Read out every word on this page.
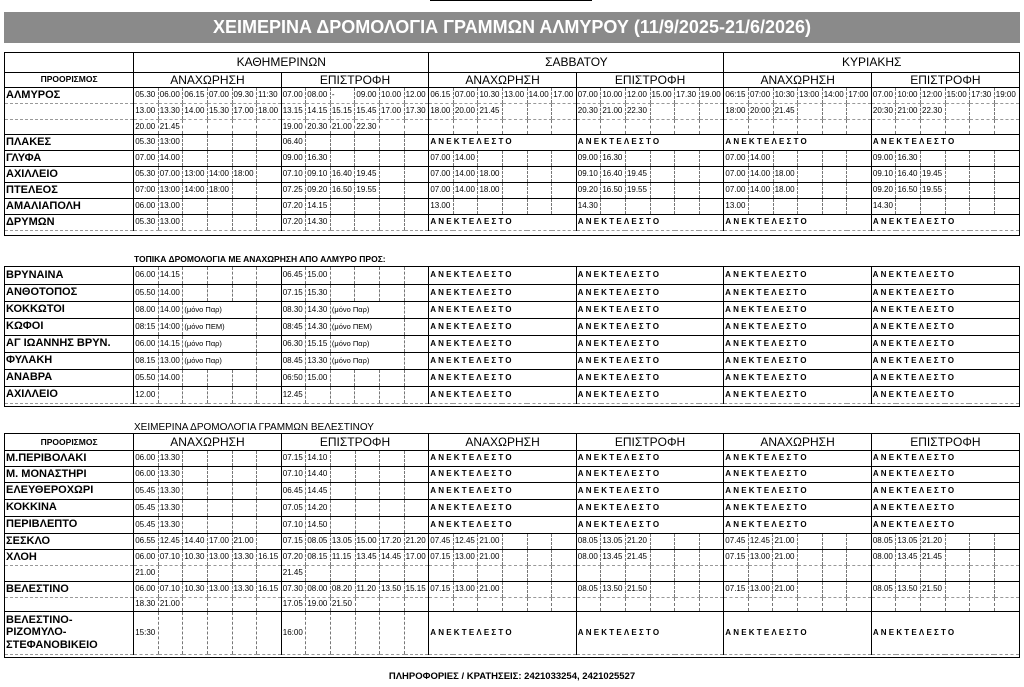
ΧΕΙΜΕΡΙΝΑ ΔΡΟΜΟΛΟΓΙΑ ΓΡΑΜΜΩΝ ΑΛΜΥΡΟΥ (11/9/2025-21/6/2026)
	ΚΑΘΗΜΕΡΙΝΩΝ												ΣΑΒΒΑΤΟΥ												ΚΥΡΙΑΚΗΣ											
ΠΡΟΟΡΙΣΜΟΣ	ΑΝΑΧΩΡΗΣΗ						ΕΠΙΣΤΡΟΦΗ						ΑΝΑΧΩΡΗΣΗ						ΕΠΙΣΤΡΟΦΗ						ΑΝΑΧΩΡΗΣΗ						ΕΠΙΣΤΡΟΦΗ					
ΑΛΜΥΡΟΣ	05.30	06.00	06.15	07.00	09.30	11:30	07.00	08.00	-	09.00	10.00	12.00	06.15	07.00	10.30	13.00	14.00	17.00	07.00	10.00	12.00	15.00	17.30	19.00	06:15	07:00	10:30	13:00	14:00	17:00	07.00	10:00	12:00	15:00	17:30	19:00
	13.00	13.30	14.00	15.30	17.00	18.00	13.15	14.15	15.15	15.45	17.00	17.30	18.00	20.00	21.45				20.30	21.00	22.30				18:00	20:00	21.45				20:30	21:00	22.30			
	20.00	21.45					19.00	20.30	21.00	22.30																										
ΠΛΑΚΕΣ	05.30	13:00					06.40						ΑΝΕΚΤΕΛΕΣΤΟ						ΑΝΕΚΤΕΛΕΣΤΟ						ΑΝΕΚΤΕΛΕΣΤΟ						ΑΝΕΚΤΕΛΕΣΤΟ					
ΓΛΥΦΑ	07.00	14.00					09.00	16.30					07.00	14.00					09.00	16.30					07.00	14.00					09.00	16.30				
ΑΧΙΛΛΕΙΟ	05.30	07.00	13:00	14:00	18:00		07.10	09.10	16.40	19.45			07.00	14.00	18.00				09.10	16.40	19.45				07.00	14.00	18.00				09.10	16.40	19.45			
ΠΤΕΛΕΟΣ	07:00	13:00	14:00	18:00			07.25	09.20	16.50	19.55			07.00	14.00	18.00				09.20	16.50	19.55				07.00	14.00	18.00				09.20	16.50	19.55			
ΑΜΑΛΙΑΠΟΛΗ	06.00	13.00					07.20	14.15					13.00						14.30						13.00						14.30					
ΔΡΥΜΩΝ	05.30	13.00					07.20	14.30					ΑΝΕΚΤΕΛΕΣΤΟ						ΑΝΕΚΤΕΛΕΣΤΟ						ΑΝΕΚΤΕΛΕΣΤΟ						ΑΝΕΚΤΕΛΕΣΤΟ					
ΤΟΠΙΚΑ ΔΡΟΜΟΛΟΓΙΑ ΜΕ ΑΝΑΧΩΡΗΣΗ ΑΠΟ ΑΛΜΥΡΟ ΠΡΟΣ:
ΒΡΥΝΑΙΝΑ	06.00	14.15					06.45	15.00					ΑΝΕΚΤΕΛΕΣΤΟ	ΑΝΕΚΤΕΛΕΣΤΟ	ΑΝΕΚΤΕΛΕΣΤΟ	ΑΝΕΚΤΕΛΕΣΤΟ
ΑΝΘΟΤΟΠΟΣ	05.50	14.00					07.15	15.30					ΑΝΕΚΤΕΛΕΣΤΟ	ΑΝΕΚΤΕΛΕΣΤΟ	ΑΝΕΚΤΕΛΕΣΤΟ	ΑΝΕΚΤΕΛΕΣΤΟ
ΚΟΚΚΩΤΟΙ	08.00	14.00	(μόνο Παρ)				08.30	14.30	(μόνο Παρ)				ΑΝΕΚΤΕΛΕΣΤΟ	ΑΝΕΚΤΕΛΕΣΤΟ	ΑΝΕΚΤΕΛΕΣΤΟ	ΑΝΕΚΤΕΛΕΣΤΟ
ΚΩΦΟΙ	08:15	14:00	(μόνο ΠΕΜ)				08:45	14.30	(μόνο ΠΕΜ)				ΑΝΕΚΤΕΛΕΣΤΟ	ΑΝΕΚΤΕΛΕΣΤΟ	ΑΝΕΚΤΕΛΕΣΤΟ	ΑΝΕΚΤΕΛΕΣΤΟ
ΑΓ ΙΩΑΝΝΗΣ ΒΡΥΝ.	06.00	14.15	(μόνο Παρ)				06.30	15.15	(μόνο Παρ)				ΑΝΕΚΤΕΛΕΣΤΟ	ΑΝΕΚΤΕΛΕΣΤΟ	ΑΝΕΚΤΕΛΕΣΤΟ	ΑΝΕΚΤΕΛΕΣΤΟ
ΦΥΛΑΚΗ	08.15	13.00	(μόνο Παρ)				08.45	13.30	(μόνο Παρ)				ΑΝΕΚΤΕΛΕΣΤΟ	ΑΝΕΚΤΕΛΕΣΤΟ	ΑΝΕΚΤΕΛΕΣΤΟ	ΑΝΕΚΤΕΛΕΣΤΟ
ΑΝΑΒΡΑ	05.50	14.00					06:50	15.00					ΑΝΕΚΤΕΛΕΣΤΟ	ΑΝΕΚΤΕΛΕΣΤΟ	ΑΝΕΚΤΕΛΕΣΤΟ	ΑΝΕΚΤΕΛΕΣΤΟ
ΑΧΙΛΛΕΙΟ	12.00						12.45						ΑΝΕΚΤΕΛΕΣΤΟ	ΑΝΕΚΤΕΛΕΣΤΟ	ΑΝΕΚΤΕΛΕΣΤΟ	ΑΝΕΚΤΕΛΕΣΤΟ
ΧΕΙΜΕΡΙΝΑ ΔΡΟΜΟΛΟΓΙΑ ΓΡΑΜΜΩΝ ΒΕΛΕΣΤΙΝΟΥ
ΠΡΟΟΡΙΣΜΟΣ	ΑΝΑΧΩΡΗΣΗ						ΕΠΙΣΤΡΟΦΗ						ΑΝΑΧΩΡΗΣΗ						ΕΠΙΣΤΡΟΦΗ						ΑΝΑΧΩΡΗΣΗ						ΕΠΙΣΤΡΟΦΗ					
Μ.ΠΕΡΙΒΟΛΑΚΙ	06.00	13.30					07.15	14.10					ΑΝΕΚΤΕΛΕΣΤΟ						ΑΝΕΚΤΕΛΕΣΤΟ						ΑΝΕΚΤΕΛΕΣΤΟ						ΑΝΕΚΤΕΛΕΣΤΟ					
Μ. ΜΟΝΑΣΤΗΡΙ	06.00	13.30					07.10	14.40					ΑΝΕΚΤΕΛΕΣΤΟ						ΑΝΕΚΤΕΛΕΣΤΟ						ΑΝΕΚΤΕΛΕΣΤΟ						ΑΝΕΚΤΕΛΕΣΤΟ					
ΕΛΕΥΘΕΡΟΧΩΡΙ	05.45	13.30					06.45	14.45					ΑΝΕΚΤΕΛΕΣΤΟ						ΑΝΕΚΤΕΛΕΣΤΟ						ΑΝΕΚΤΕΛΕΣΤΟ						ΑΝΕΚΤΕΛΕΣΤΟ					
ΚΟΚΚΙΝΑ	05.45	13.30					07.05	14.20					ΑΝΕΚΤΕΛΕΣΤΟ						ΑΝΕΚΤΕΛΕΣΤΟ						ΑΝΕΚΤΕΛΕΣΤΟ						ΑΝΕΚΤΕΛΕΣΤΟ					
ΠΕΡΙΒΛΕΠΤΟ	05.45	13.30					07.10	14.50					ΑΝΕΚΤΕΛΕΣΤΟ						ΑΝΕΚΤΕΛΕΣΤΟ						ΑΝΕΚΤΕΛΕΣΤΟ						ΑΝΕΚΤΕΛΕΣΤΟ					
ΣΕΣΚΛΟ	06.55	12.45	14.40	17.00	21.00		07.15	08.05	13.05	15.00	17.20	21.20	07.45	12.45	21.00				08.05	13.05	21.20				07.45	12.45	21.00				08.05	13.05	21.20			
ΧΛΟΗ	06.00	07.10	10.30	13.00	13.30	16.15	07.20	08.15	11.15	13.45	14.45	17.00	07.15	13.00	21.00				08.00	13.45	21.45				07.15	13.00	21.00				08.00	13.45	21.45			
	21.00						21.45																													
ΒΕΛΕΣΤΙΝΟ	06.00	07.10	10.30	13.00	13.30	16.15	07.30	08.00	08.20	11.20	13.50	15.15	07.15	13.00	21.00				08.05	13.50	21.50				07.15	13.00	21.00				08.05	13.50	21.50			
	18.30	21.00					17.05	19.00	21.50																											
ΒΕΛΕΣΤΙΝΟ-
ΡΙΖΟΜΥΛΟ-
ΣΤΕΦΑΝΟΒΙΚΕΙΟ	15:30						16:00						ΑΝΕΚΤΕΛΕΣΤΟ						ΑΝΕΚΤΕΛΕΣΤΟ						ΑΝΕΚΤΕΛΕΣΤΟ						ΑΝΕΚΤΕΛΕΣΤΟ					
ΠΛΗΡΟΦΟΡΙΕΣ / ΚΡΑΤΗΣΕΙΣ: 2421033254, 2421025527
